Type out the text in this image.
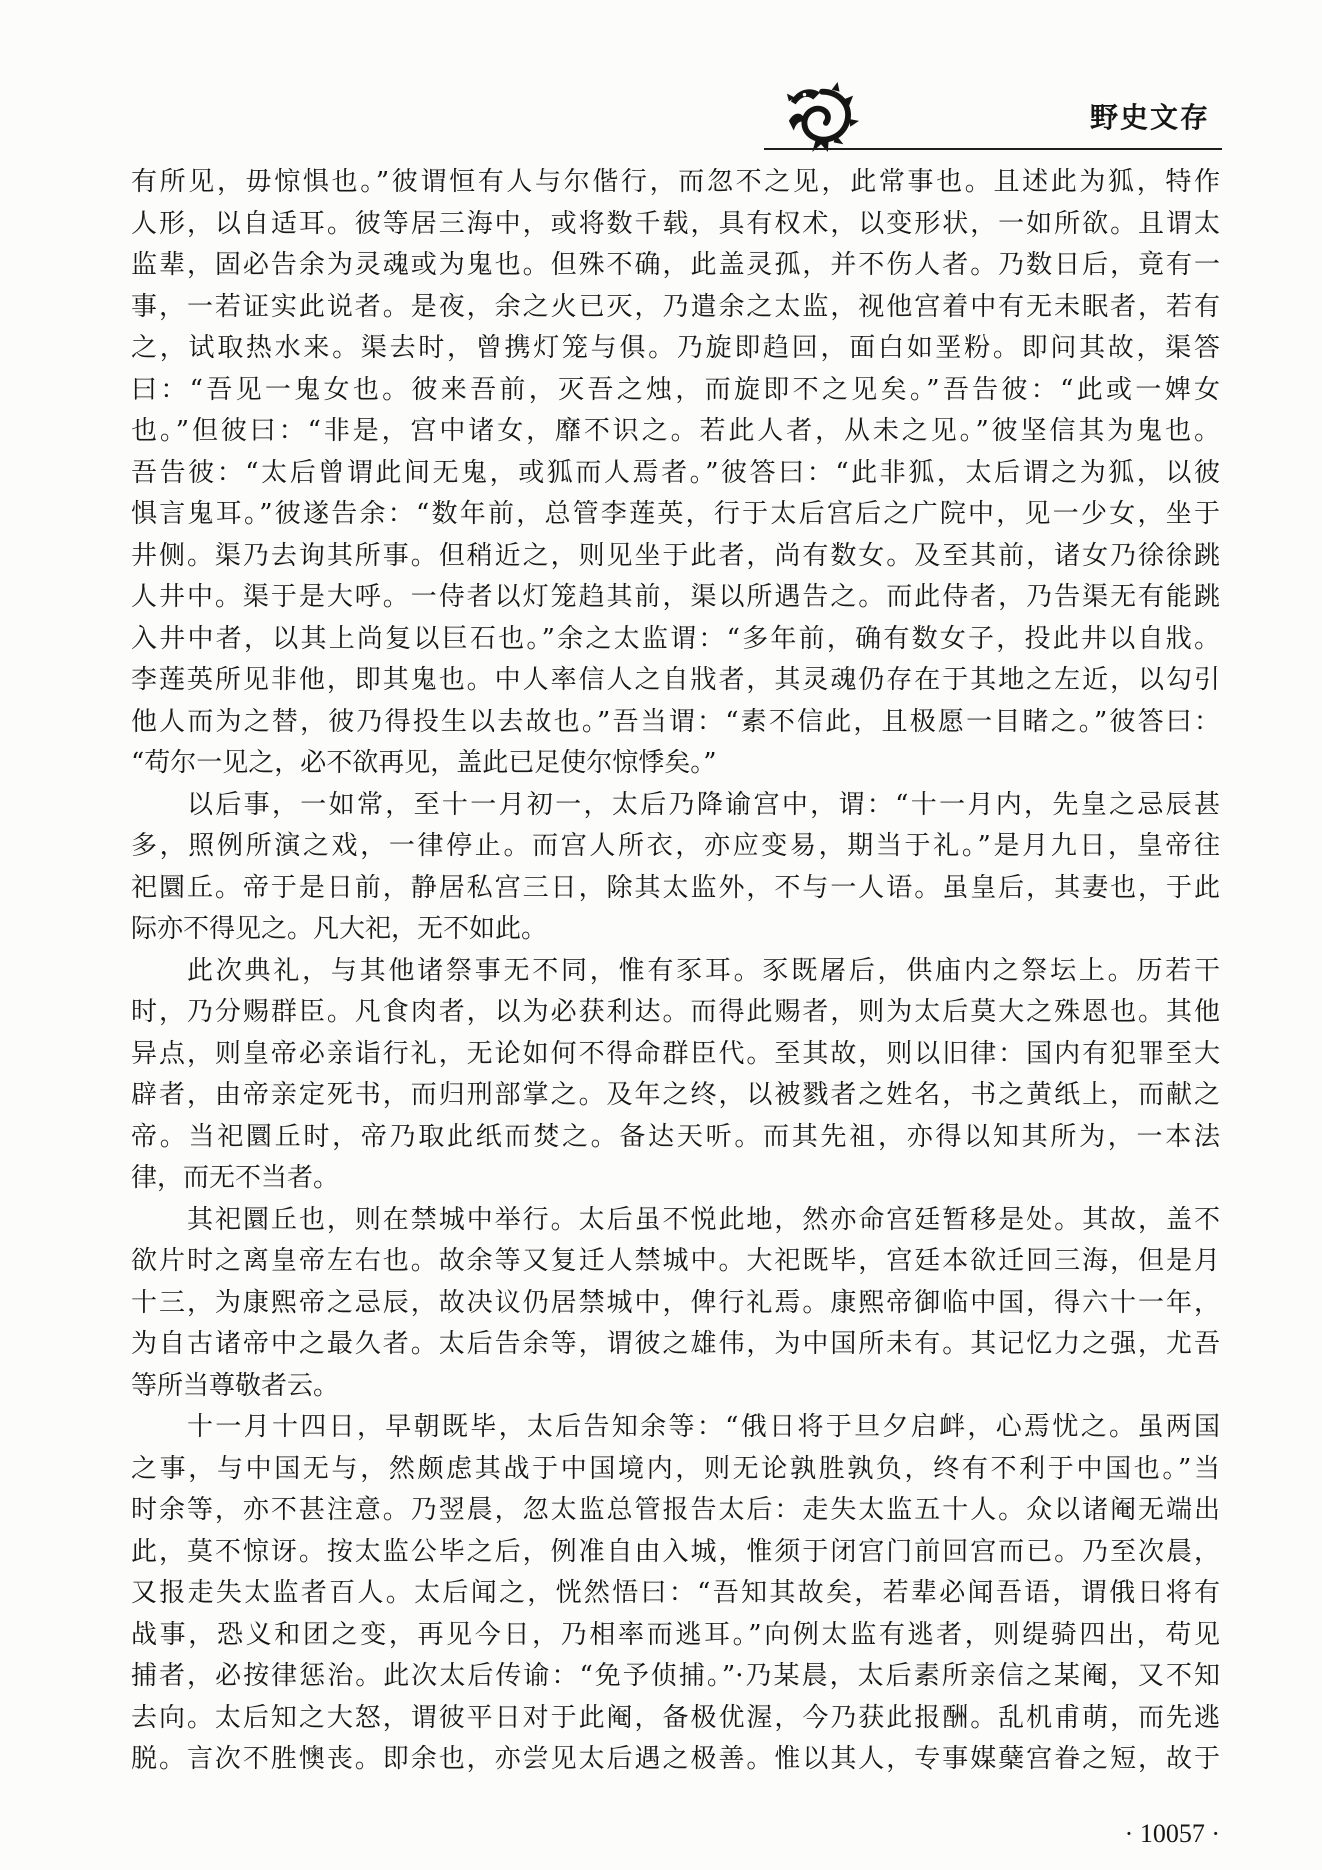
野史文存
有所见，毋惊惧也。”彼谓恒有人与尔偕行，而忽不之见，此常事也。且述此为狐，特作
人形，以自适耳。彼等居三海中，或将数千载，具有权术，以变形状，一如所欲。且谓太
监辈，固必告余为灵魂或为鬼也。但殊不确，此盖灵孤，并不伤人者。乃数日后，竟有一
事，一若证实此说者。是夜，余之火已灭，乃遣余之太监，视他宫着中有无未眠者，若有
之，试取热水来。渠去时，曾携灯笼与俱。乃旋即趋回，面白如垩粉。即问其故，渠答
曰：“吾见一鬼女也。彼来吾前，灭吾之烛，而旋即不之见矣。”吾告彼：“此或一婢女
也。”但彼曰：“非是，宫中诸女，靡不识之。若此人者，从未之见。”彼坚信其为鬼也。
吾告彼：“太后曾谓此间无鬼，或狐而人焉者。”彼答曰：“此非狐，太后谓之为狐，以彼
惧言鬼耳。”彼遂告余：“数年前，总管李莲英，行于太后宫后之广院中，见一少女，坐于
井侧。渠乃去询其所事。但稍近之，则见坐于此者，尚有数女。及至其前，诸女乃徐徐跳
人井中。渠于是大呼。一侍者以灯笼趋其前，渠以所遇告之。而此侍者，乃告渠无有能跳
入井中者，以其上尚复以巨石也。”余之太监谓：“多年前，确有数女子，投此井以自戕。
李莲英所见非他，即其鬼也。中人率信人之自戕者，其灵魂仍存在于其地之左近，以勾引
他人而为之替，彼乃得投生以去故也。”吾当谓：“素不信此，且极愿一目睹之。”彼答曰：
“苟尔一见之，必不欲再见，盖此已足使尔惊悸矣。”
以后事，一如常，至十一月初一，太后乃降谕宫中，谓：“十一月内，先皇之忌辰甚
多，照例所演之戏，一律停止。而宫人所衣，亦应变易，期当于礼。”是月九日，皇帝往
祀圜丘。帝于是日前，静居私宫三日，除其太监外，不与一人语。虽皇后，其妻也，于此
际亦不得见之。凡大祀，无不如此。
此次典礼，与其他诸祭事无不同，惟有豕耳。豕既屠后，供庙内之祭坛上。历若干
时，乃分赐群臣。凡食肉者，以为必获利达。而得此赐者，则为太后莫大之殊恩也。其他
异点，则皇帝必亲诣行礼，无论如何不得命群臣代。至其故，则以旧律：国内有犯罪至大
辟者，由帝亲定死书，而归刑部掌之。及年之终，以被戮者之姓名，书之黄纸上，而献之
帝。当祀圜丘时，帝乃取此纸而焚之。备达天听。而其先祖，亦得以知其所为，一本法
律，而无不当者。
其祀圜丘也，则在禁城中举行。太后虽不悦此地，然亦命宫廷暂移是处。其故，盖不
欲片时之离皇帝左右也。故余等又复迁人禁城中。大祀既毕，宫廷本欲迁回三海，但是月
十三，为康熙帝之忌辰，故决议仍居禁城中，俾行礼焉。康熙帝御临中国，得六十一年，
为自古诸帝中之最久者。太后告余等，谓彼之雄伟，为中国所未有。其记忆力之强，尤吾
等所当尊敬者云。
十一月十四日，早朝既毕，太后告知余等：“俄日将于旦夕启衅，心焉忧之。虽两国
之事，与中国无与，然颇虑其战于中国境内，则无论孰胜孰负，终有不利于中国也。”当
时余等，亦不甚注意。乃翌晨，忽太监总管报告太后：走失太监五十人。众以诸阉无端出
此，莫不惊讶。按太监公毕之后，例准自由入城，惟须于闭宫门前回宫而已。乃至次晨，
又报走失太监者百人。太后闻之，恍然悟曰：“吾知其故矣，若辈必闻吾语，谓俄日将有
战事，恐义和团之变，再见今日，乃相率而逃耳。”向例太监有逃者，则缇骑四出，苟见
捕者，必按律惩治。此次太后传谕：“免予侦捕。”·乃某晨，太后素所亲信之某阉，又不知
去向。太后知之大怒，谓彼平日对于此阉，备极优渥，今乃获此报酬。乱机甫萌，而先逃
脱。言次不胜懊丧。即余也，亦尝见太后遇之极善。惟以其人，专事媒蘖宫眷之短，故于
· 10057 ·
